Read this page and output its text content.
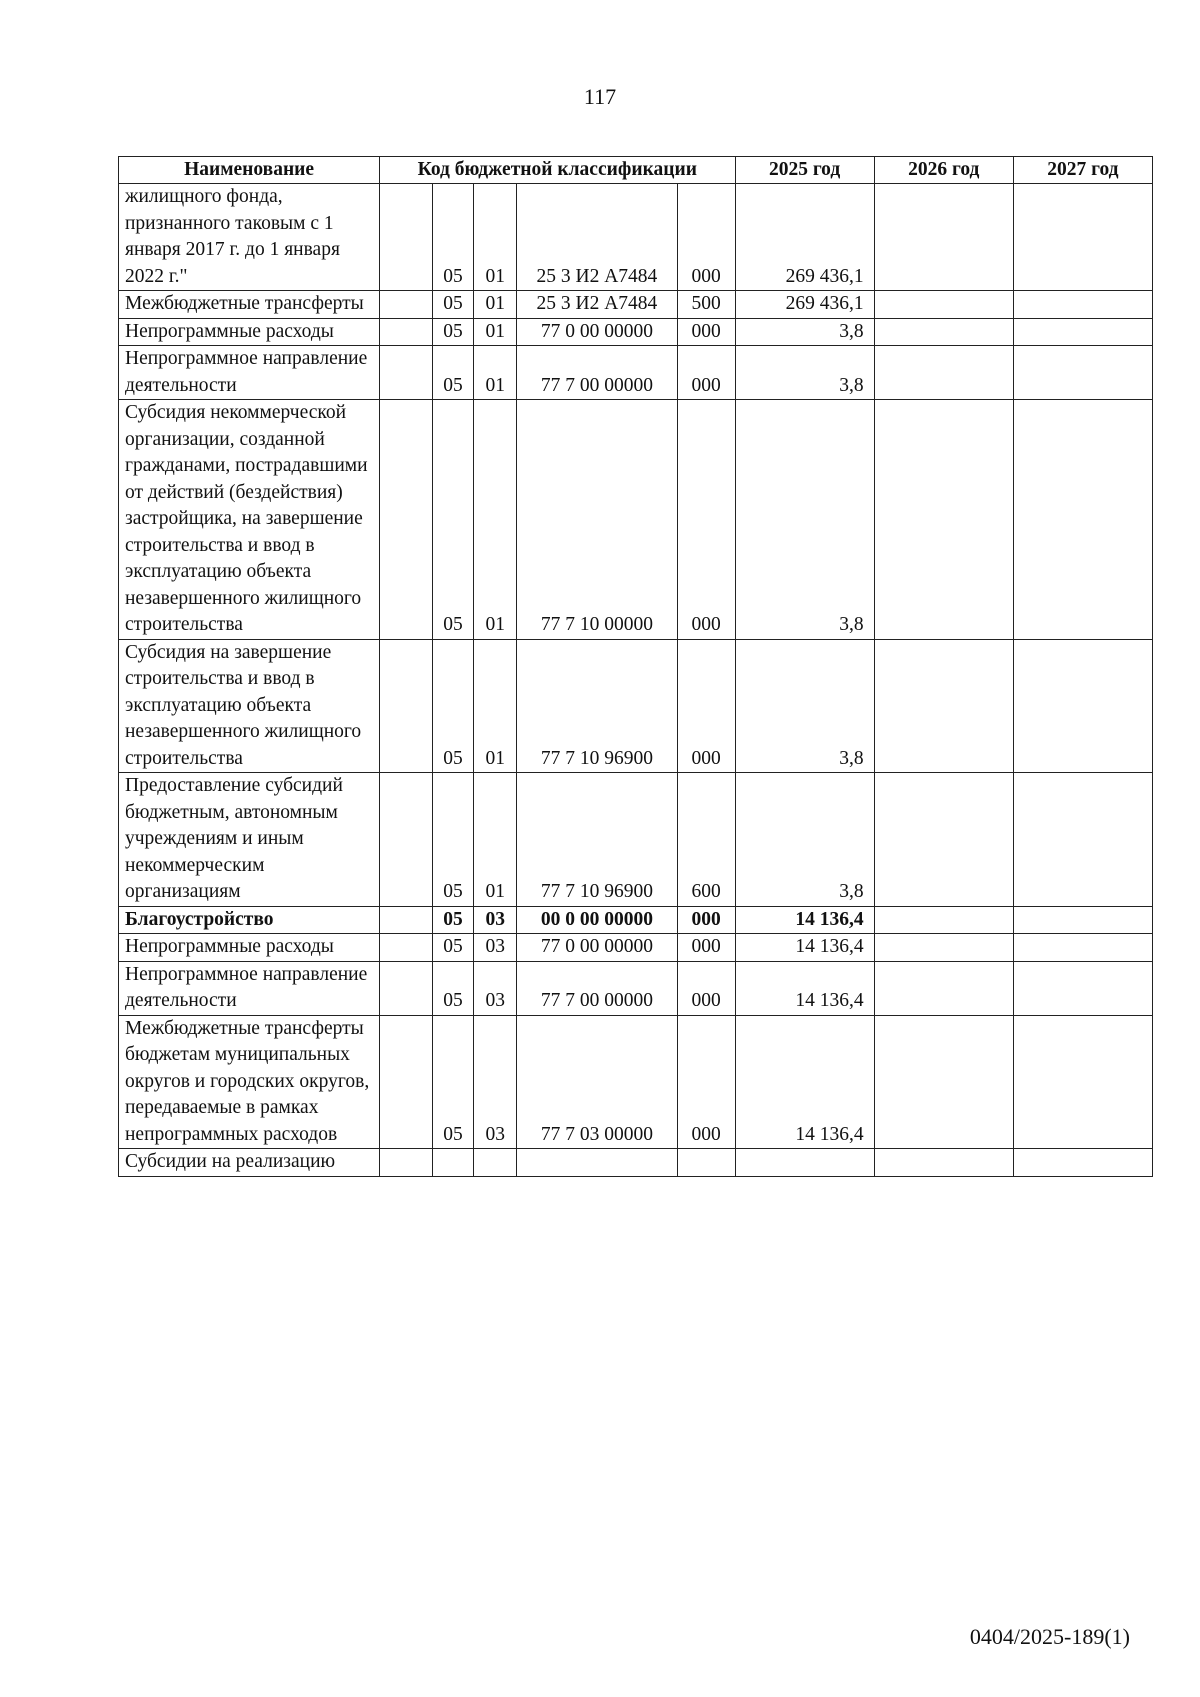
117
Наименование	Код бюджетной классификации					2025 год	2026 год	2027 год
жилищного фонда, признанного таковым с 1 января 2017 г. до 1 января 2022 г."		05	01	25 3 И2 А7484	000	269 436,1		
Межбюджетные трансферты		05	01	25 3 И2 А7484	500	269 436,1		
Непрограммные расходы		05	01	77 0 00 00000	000	3,8		
Непрограммное направление деятельности		05	01	77 7 00 00000	000	3,8		
Субсидия некоммерческой организации, созданной гражданами, пострадавшими от действий (бездействия) застройщика, на завершение строительства и ввод в эксплуатацию объекта незавершенного жилищного строительства		05	01	77 7 10 00000	000	3,8		
Субсидия на завершение строительства и ввод в эксплуатацию объекта незавершенного жилищного строительства		05	01	77 7 10 96900	000	3,8		
Предоставление субсидий бюджетным, автономным учреждениям и иным некоммерческим организациям		05	01	77 7 10 96900	600	3,8		
Благоустройство		05	03	00 0 00 00000	000	14 136,4		
Непрограммные расходы		05	03	77 0 00 00000	000	14 136,4		
Непрограммное направление деятельности		05	03	77 7 00 00000	000	14 136,4		
Межбюджетные трансферты бюджетам муниципальных округов и городских округов, передаваемые в рамках непрограммных расходов		05	03	77 7 03 00000	000	14 136,4		
Субсидии на реализацию								
0404/2025-189(1)
